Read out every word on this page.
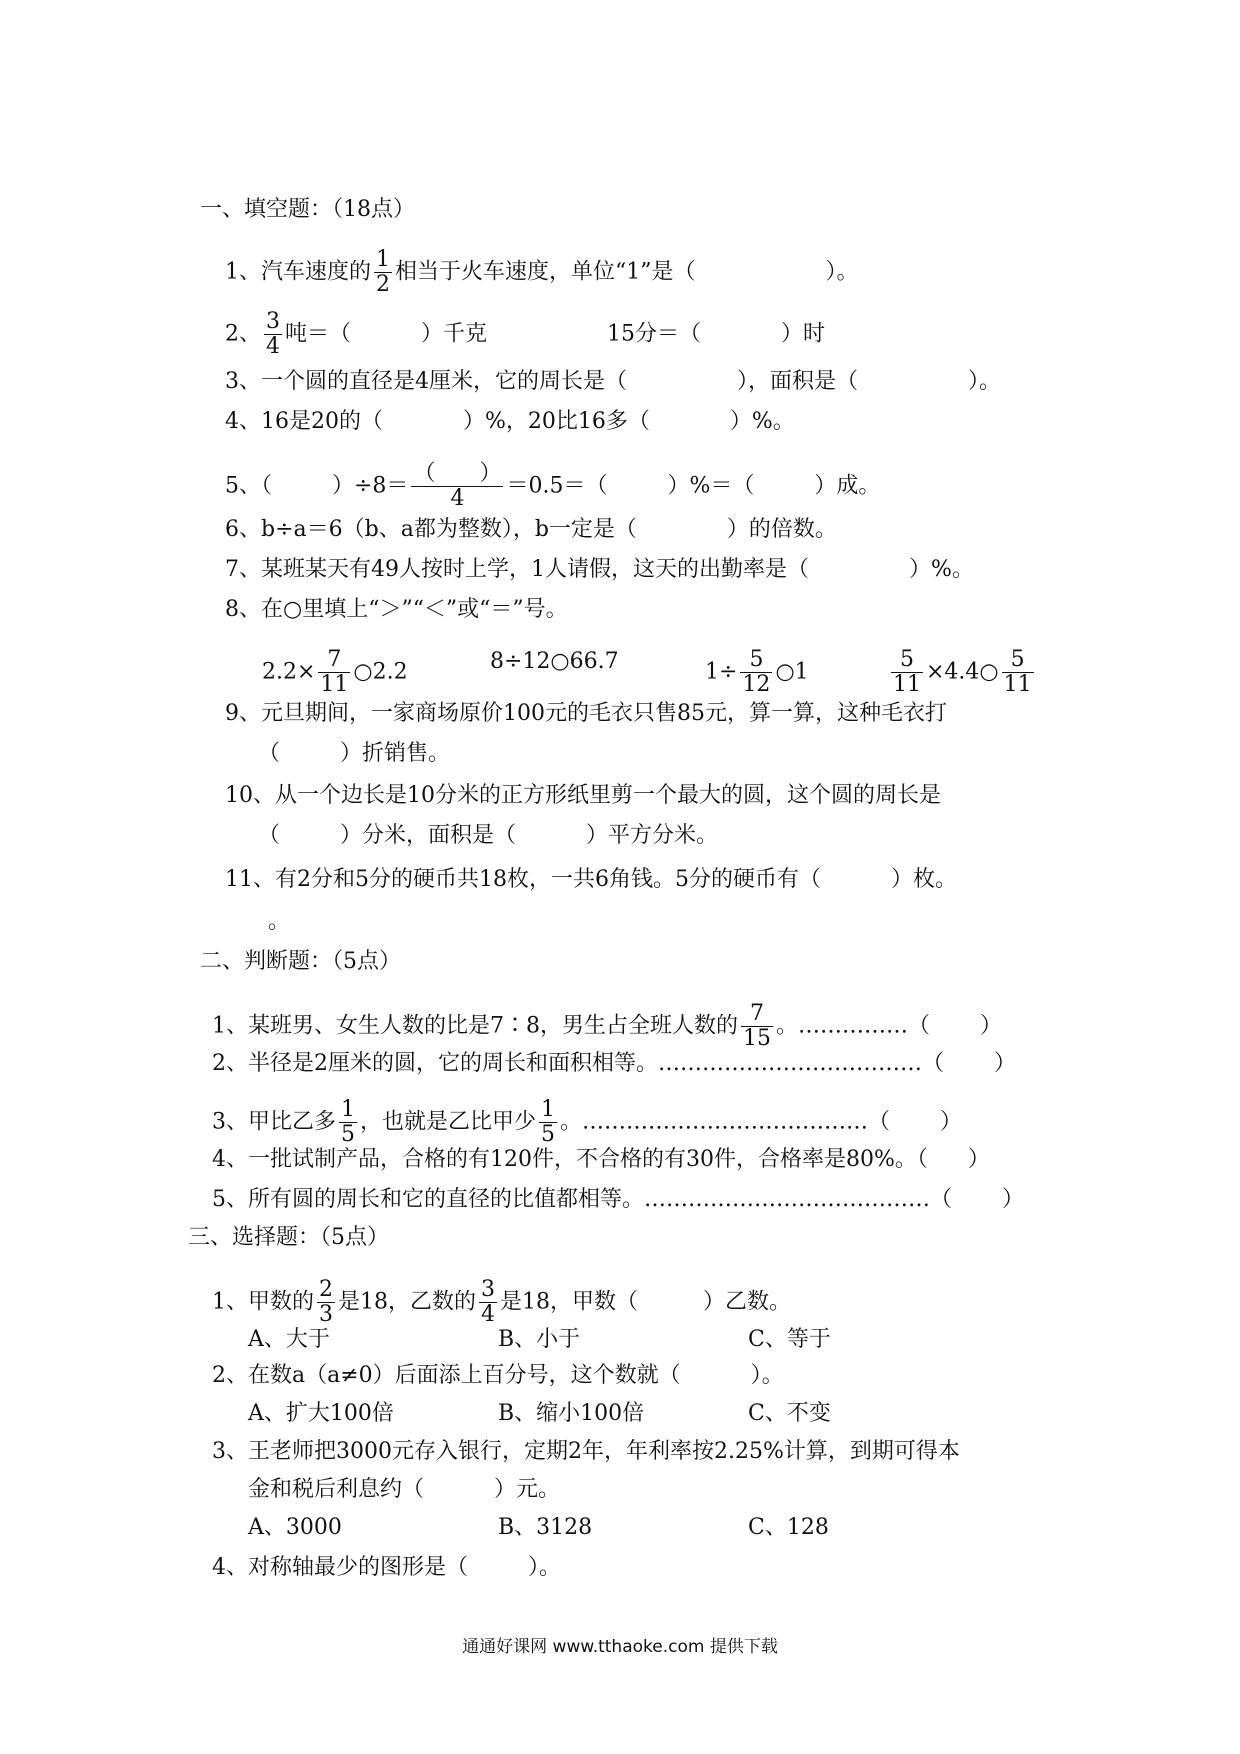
一、填空题：（18点）
1、汽车速度的 $\frac{1}{2}$ 相当于火车速度，单位“1”是（	）。
2、 $\frac{3}{4}$ 吨＝（	）千克	15分＝（	）时
3、一个圆的直径是4厘米，它的周长是（	），面积是（	）。
4、16是20的（	）%，20比16多（	）%。
5、（	）$\div 8= \frac{( )}{4} =0.5=$（	）%＝（	）成。
6、b÷a＝6（b、a都为整数），b一定是（	）的倍数。
7、某班某天有49人按时上学，1人请假，这天的出勤率是（	）%。
8、在○里填上“＞”“＜”或“＝”号。
$2.2\times \frac{7}{11}$ ○2.2	8÷12○66.7	$1\div \frac{5}{12}$ ○1	$\frac{5}{11}$ ×4.4○ $\frac{5}{11}$
9、元旦期间，一家商场原价100元的毛衣只售85元，算一算，这种毛衣打
（	）折销售。
10、从一个边长是10分米的正方形纸里剪一个最大的圆，这个圆的周长是
（	）分米，面积是（	）平方分米。
11、有2分和5分的硬币共18枚，一共6角钱。5分的硬币有（	）枚。
。
二、判断题：（5点）
1、某班男、女生人数的比是7∶8，男生占全班人数的 $\frac{7}{15}$ 。……………（ ）
2、半径是2厘米的圆，它的周长和面积相等。………………………………（ ）
3、甲比乙多 $\frac{1}{5}$ ，也就是乙比甲少 $\frac{1}{5}$ 。…………………………………（ ）
4、一批试制产品，合格的有120件，不合格的有30件，合格率是80%。（ ）
5、所有圆的周长和它的直径的比值都相等。…………………………………（ ）
三、选择题：（5点）
1、甲数的 $\frac{2}{3}$ 是18，乙数的 $\frac{3}{4}$ 是18，甲数（	）乙数。
A、大于	B、小于	C、等于
2、在数a（a≠0）后面添上百分号，这个数就（	）。
A、扩大100倍	B、缩小100倍	C、不变
3、王老师把3000元存入银行，定期2年，年利率按2.25%计算，到期可得本
金和税后利息约（	）元。
A、3000	B、3128	C、128
4、对称轴最少的图形是（	）。
通通好课网 www.tthaoke.com 提供下载
